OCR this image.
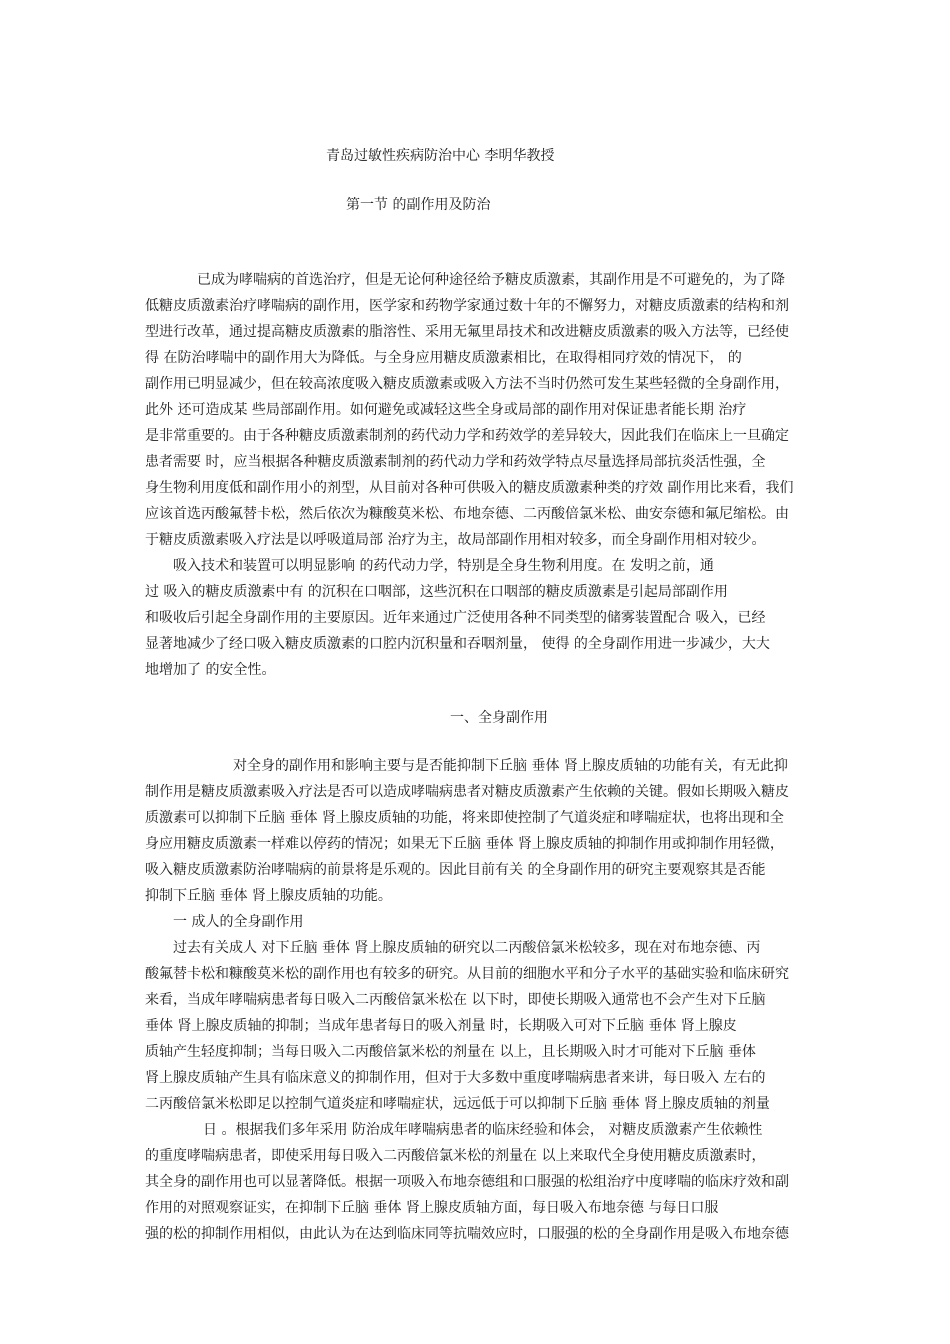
青岛过敏性疾病防治中心 李明华教授
第一节 的副作用及防治
已成为哮喘病的首选治疗，但是无论何种途径给予糖皮质激素，其副作用是不可避免的，为了降
低糖皮质激素治疗哮喘病的副作用，医学家和药物学家通过数十年的不懈努力，对糖皮质激素的结构和剂
型进行改革，通过提高糖皮质激素的脂溶性、采用无氟里昂技术和改进糖皮质激素的吸入方法等，已经使
得 在防治哮喘中的副作用大为降低。与全身应用糖皮质激素相比，在取得相同疗效的情况下， 的
副作用已明显减少，但在较高浓度吸入糖皮质激素或吸入方法不当时仍然可发生某些轻微的全身副作用，
此外 还可造成某 些局部副作用。如何避免或减轻这些全身或局部的副作用对保证患者能长期 治疗
是非常重要的。由于各种糖皮质激素制剂的药代动力学和药效学的差异较大，因此我们在临床上一旦确定
患者需要 时，应当根据各种糖皮质激素制剂的药代动力学和药效学特点尽量选择局部抗炎活性强，全
身生物利用度低和副作用小的剂型，从目前对各种可供吸入的糖皮质激素种类的疗效 副作用比来看，我们
应该首选丙酸氟替卡松，然后依次为糠酸莫米松、布地奈德、二丙酸倍氯米松、曲安奈德和氟尼缩松。由
于糖皮质激素吸入疗法是以呼吸道局部 治疗为主，故局部副作用相对较多，而全身副作用相对较少。
吸入技术和装置可以明显影响 的药代动力学，特别是全身生物利用度。在 发明之前，通
过 吸入的糖皮质激素中有 的沉积在口咽部，这些沉积在口咽部的糖皮质激素是引起局部副作用
和吸收后引起全身副作用的主要原因。近年来通过广泛使用各种不同类型的储雾装置配合 吸入，已经
显著地减少了经口吸入糖皮质激素的口腔内沉积量和吞咽剂量， 使得 的全身副作用进一步减少，大大
地增加了 的安全性。
一、全身副作用
对全身的副作用和影响主要与是否能抑制下丘脑 垂体 肾上腺皮质轴的功能有关，有无此抑
制作用是糖皮质激素吸入疗法是否可以造成哮喘病患者对糖皮质激素产生依赖的关键。假如长期吸入糖皮
质激素可以抑制下丘脑 垂体 肾上腺皮质轴的功能，将来即使控制了气道炎症和哮喘症状，也将出现和全
身应用糖皮质激素一样难以停药的情况；如果无下丘脑 垂体 肾上腺皮质轴的抑制作用或抑制作用轻微，
吸入糖皮质激素防治哮喘病的前景将是乐观的。因此目前有关 的全身副作用的研究主要观察其是否能
抑制下丘脑 垂体 肾上腺皮质轴的功能。
一 成人的全身副作用
过去有关成人 对下丘脑 垂体 肾上腺皮质轴的研究以二丙酸倍氯米松较多，现在对布地奈德、丙
酸氟替卡松和糠酸莫米松的副作用也有较多的研究。从目前的细胞水平和分子水平的基础实验和临床研究
来看，当成年哮喘病患者每日吸入二丙酸倍氯米松在 以下时，即使长期吸入通常也不会产生对下丘脑
垂体 肾上腺皮质轴的抑制；当成年患者每日的吸入剂量 时，长期吸入可对下丘脑 垂体 肾上腺皮
质轴产生轻度抑制；当每日吸入二丙酸倍氯米松的剂量在 以上，且长期吸入时才可能对下丘脑 垂体
肾上腺皮质轴产生具有临床意义的抑制作用，但对于大多数中重度哮喘病患者来讲，每日吸入 左右的
二丙酸倍氯米松即足以控制气道炎症和哮喘症状，远远低于可以抑制下丘脑 垂体 肾上腺皮质轴的剂量
日 。根据我们多年采用 防治成年哮喘病患者的临床经验和体会， 对糖皮质激素产生依赖性
的重度哮喘病患者，即使采用每日吸入二丙酸倍氯米松的剂量在 以上来取代全身使用糖皮质激素时，
其全身的副作用也可以显著降低。根据一项吸入布地奈德组和口服强的松组治疗中度哮喘的临床疗效和副
作用的对照观察证实，在抑制下丘脑 垂体 肾上腺皮质轴方面，每日吸入布地奈德 与每日口服
强的松的抑制作用相似，由此认为在达到临床同等抗喘效应时，口服强的松的全身副作用是吸入布地奈德
